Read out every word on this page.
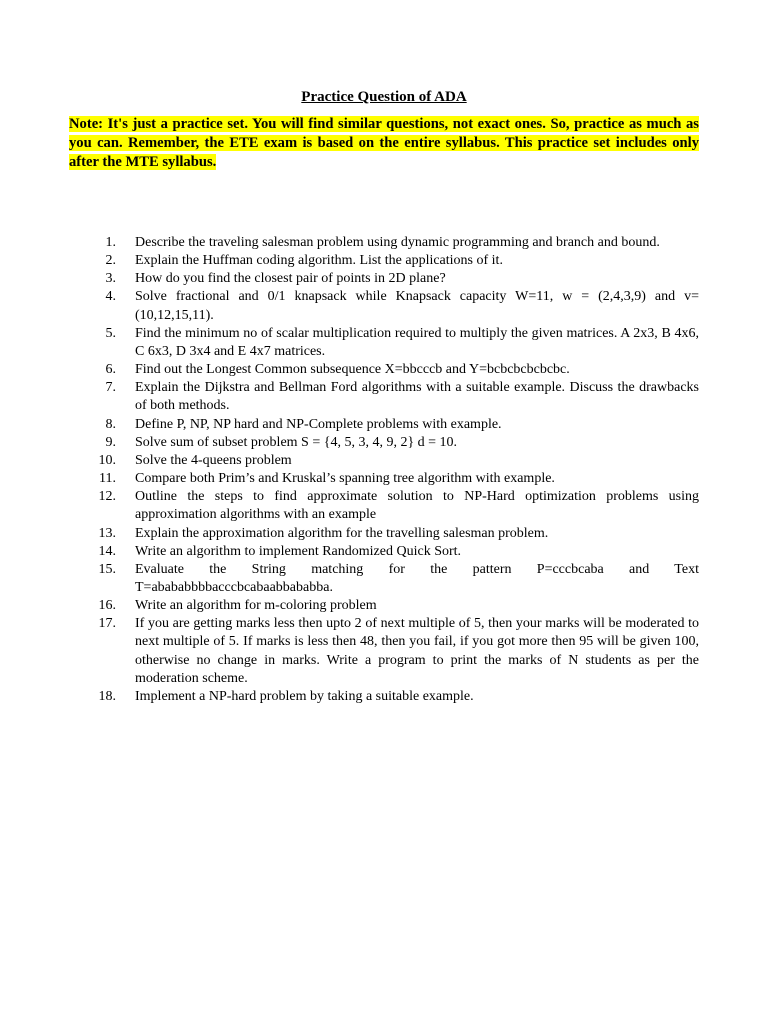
Practice Question of ADA
Note: It's just a practice set. You will find similar questions, not exact ones. So, practice as much as you can. Remember, the ETE exam is based on the entire syllabus. This practice set includes only after the MTE syllabus.
1. Describe the traveling salesman problem using dynamic programming and branch and bound.
2. Explain the Huffman coding algorithm. List the applications of it.
3. How do you find the closest pair of points in 2D plane?
4. Solve fractional and 0/1 knapsack while Knapsack capacity W=11, w = (2,4,3,9) and v=(10,12,15,11).
5. Find the minimum no of scalar multiplication required to multiply the given matrices. A 2x3, B 4x6, C 6x3, D 3x4 and E 4x7 matrices.
6. Find out the Longest Common subsequence X=bbcccb and Y=bcbcbcbcbcbc.
7. Explain the Dijkstra and Bellman Ford algorithms with a suitable example. Discuss the drawbacks of both methods.
8. Define P, NP, NP hard and NP-Complete problems with example.
9. Solve sum of subset problem S = {4, 5, 3, 4, 9, 2} d = 10.
10. Solve the 4-queens problem
11. Compare both Prim’s and Kruskal’s spanning tree algorithm with example.
12. Outline the steps to find approximate solution to NP-Hard optimization problems using approximation algorithms with an example
13. Explain the approximation algorithm for the travelling salesman problem.
14. Write an algorithm to implement Randomized Quick Sort.
15. Evaluate the String matching for the pattern P=cccbcaba and Text T=abababbbbacccbcabaabbababba.
16. Write an algorithm for m-coloring problem
17. If you are getting marks less then upto 2 of next multiple of 5, then your marks will be moderated to next multiple of 5. If marks is less then 48, then you fail, if you got more then 95 will be given 100, otherwise no change in marks. Write a program to print the marks of N students as per the moderation scheme.
18. Implement a NP-hard problem by taking a suitable example.
